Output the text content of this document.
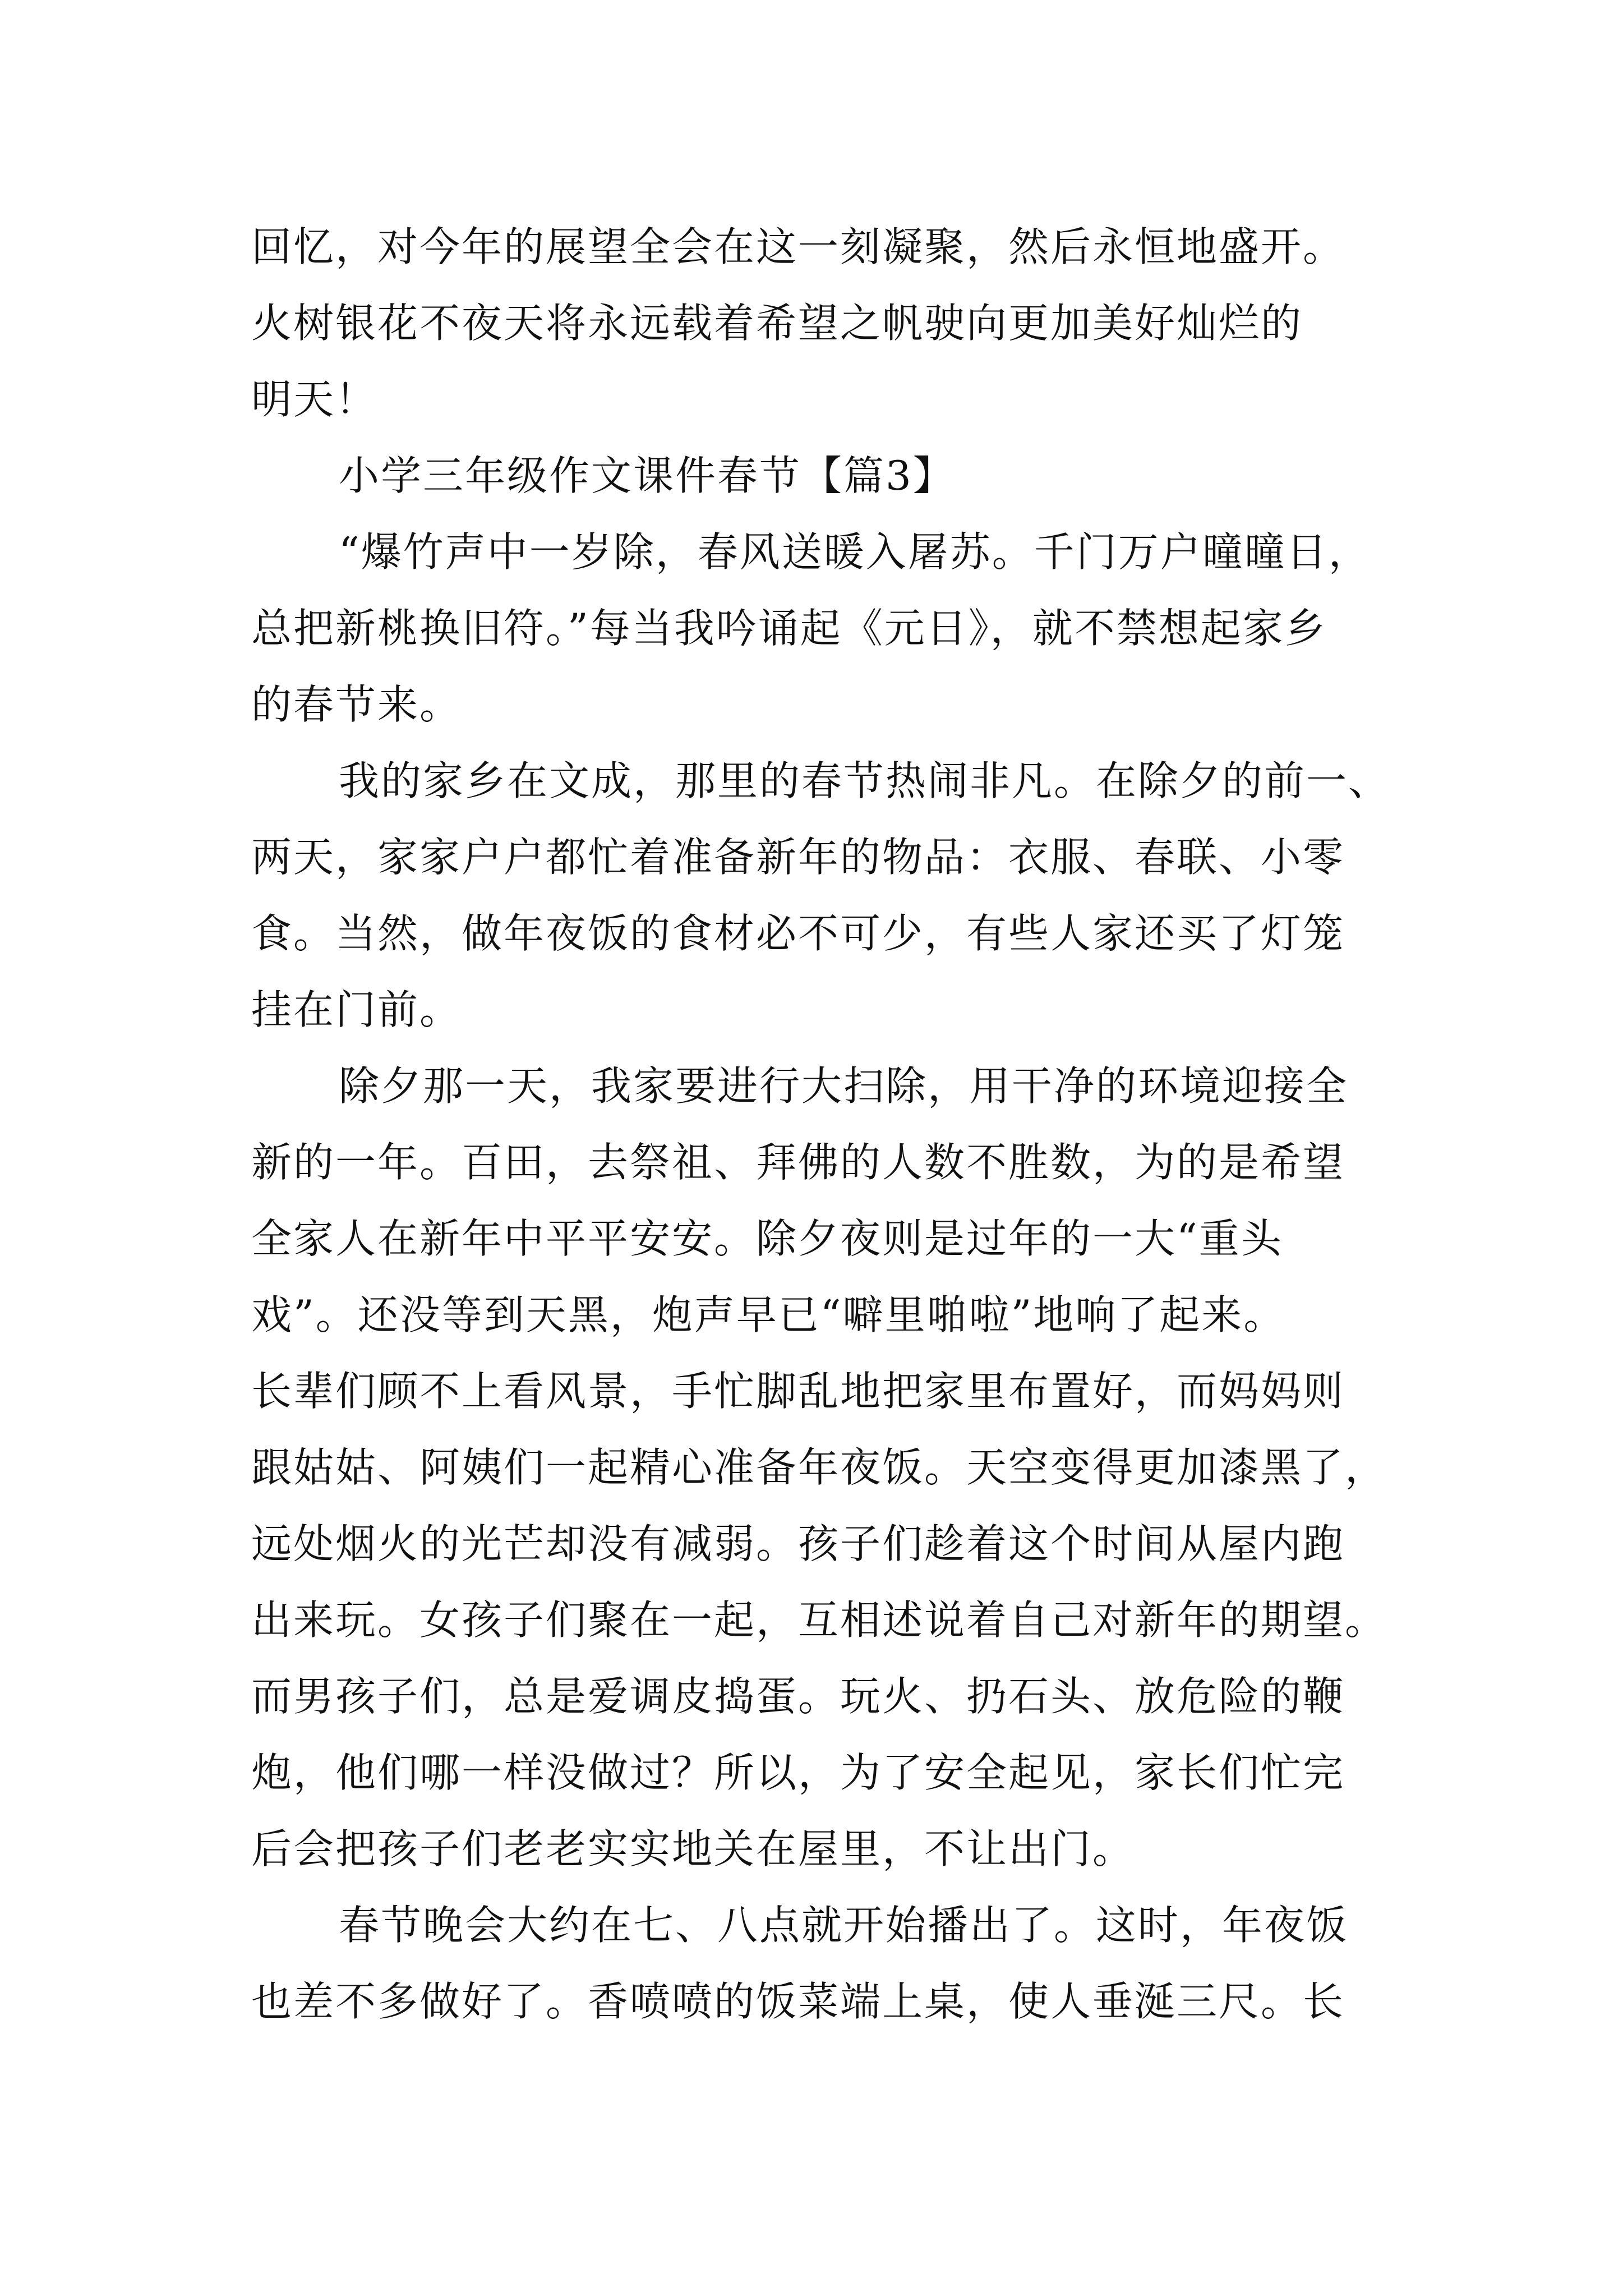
回忆，对今年的展望全会在这一刻凝聚，然后永恒地盛开。
火树银花不夜天将永远载着希望之帆驶向更加美好灿烂的
明天！

小学三年级作文课件春节【篇3】

“爆竹声中一岁除，春风送暖入屠苏。千门万户曈曈日，
总把新桃换旧符。”每当我吟诵起《元日》，就不禁想起家乡
的春节来。

我的家乡在文成，那里的春节热闹非凡。在除夕的前一、
两天，家家户户都忙着准备新年的物品：衣服、春联、小零
食。当然，做年夜饭的食材必不可少，有些人家还买了灯笼
挂在门前。

除夕那一天，我家要进行大扫除，用干净的环境迎接全
新的一年。百田，去祭祖、拜佛的人数不胜数，为的是希望
全家人在新年中平平安安。除夕夜则是过年的一大“重头
戏”。还没等到天黑，炮声早已“噼里啪啦”地响了起来。
长辈们顾不上看风景，手忙脚乱地把家里布置好，而妈妈则
跟姑姑、阿姨们一起精心准备年夜饭。天空变得更加漆黑了，
远处烟火的光芒却没有减弱。孩子们趁着这个时间从屋内跑
出来玩。女孩子们聚在一起，互相述说着自己对新年的期望。
而男孩子们，总是爱调皮捣蛋。玩火、扔石头、放危险的鞭
炮，他们哪一样没做过？所以，为了安全起见，家长们忙完
后会把孩子们老老实实地关在屋里，不让出门。

春节晚会大约在七、八点就开始播出了。这时，年夜饭
也差不多做好了。香喷喷的饭菜端上桌，使人垂涎三尺。长
